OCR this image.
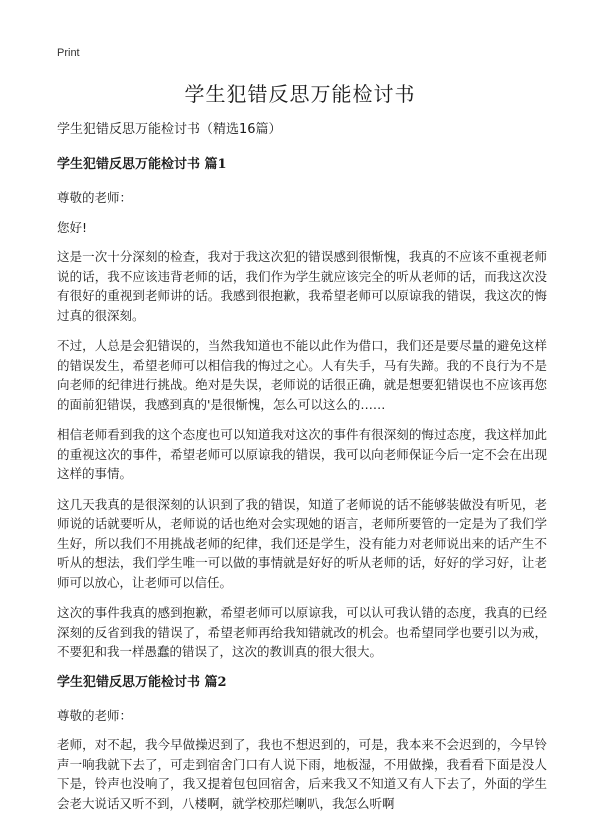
Print
学生犯错反思万能检讨书

学生犯错反思万能检讨书（精选16篇）

学生犯错反思万能检讨书 篇1

尊敬的老师：

您好!

这是一次十分深刻的检查，我对于我这次犯的错误感到很惭愧，我真的不应该不重视老师说的话，我不应该违背老师的话，我们作为学生就应该完全的听从老师的话，而我这次没有很好的重视到老师讲的话。我感到很抱歉，我希望老师可以原谅我的错误，我这次的悔过真的很深刻。

不过，人总是会犯错误的，当然我知道也不能以此作为借口，我们还是要尽量的避免这样的错误发生，希望老师可以相信我的悔过之心。人有失手，马有失蹄。我的不良行为不是向老师的纪律进行挑战。绝对是失误，老师说的话很正确，就是想要犯错误也不应该再您的面前犯错误，我感到真的'是很惭愧，怎么可以这么的……

相信老师看到我的这个态度也可以知道我对这次的事件有很深刻的悔过态度，我这样加此的重视这次的事件，希望老师可以原谅我的错误，我可以向老师保证今后一定不会在出现这样的事情。

这几天我真的是很深刻的认识到了我的错误，知道了老师说的话不能够装做没有听见，老师说的话就要听从，老师说的话也绝对会实现她的语言，老师所要管的一定是为了我们学生好，所以我们不用挑战老师的纪律，我们还是学生，没有能力对老师说出来的话产生不听从的想法，我们学生唯一可以做的事情就是好好的听从老师的话，好好的学习好，让老师可以放心，让老师可以信任。

这次的事件我真的感到抱歉，希望老师可以原谅我，可以认可我认错的态度，我真的已经深刻的反省到我的错误了，希望老师再给我知错就改的机会。也希望同学也要引以为戒，不要犯和我一样愚蠢的错误了，这次的教训真的很大很大。

学生犯错反思万能检讨书 篇2

尊敬的老师：

老师，对不起，我今早做操迟到了，我也不想迟到的，可是，我本来不会迟到的，今早铃声一响我就下去了，可走到宿舍门口有人说下雨，地板湿，不用做操，我看看下面是没人下是，铃声也没响了，我又提着包包回宿舍，后来我又不知道又有人下去了，外面的学生会老大说话又听不到，八楼啊，就学校那烂喇叭，我怎么听啊
